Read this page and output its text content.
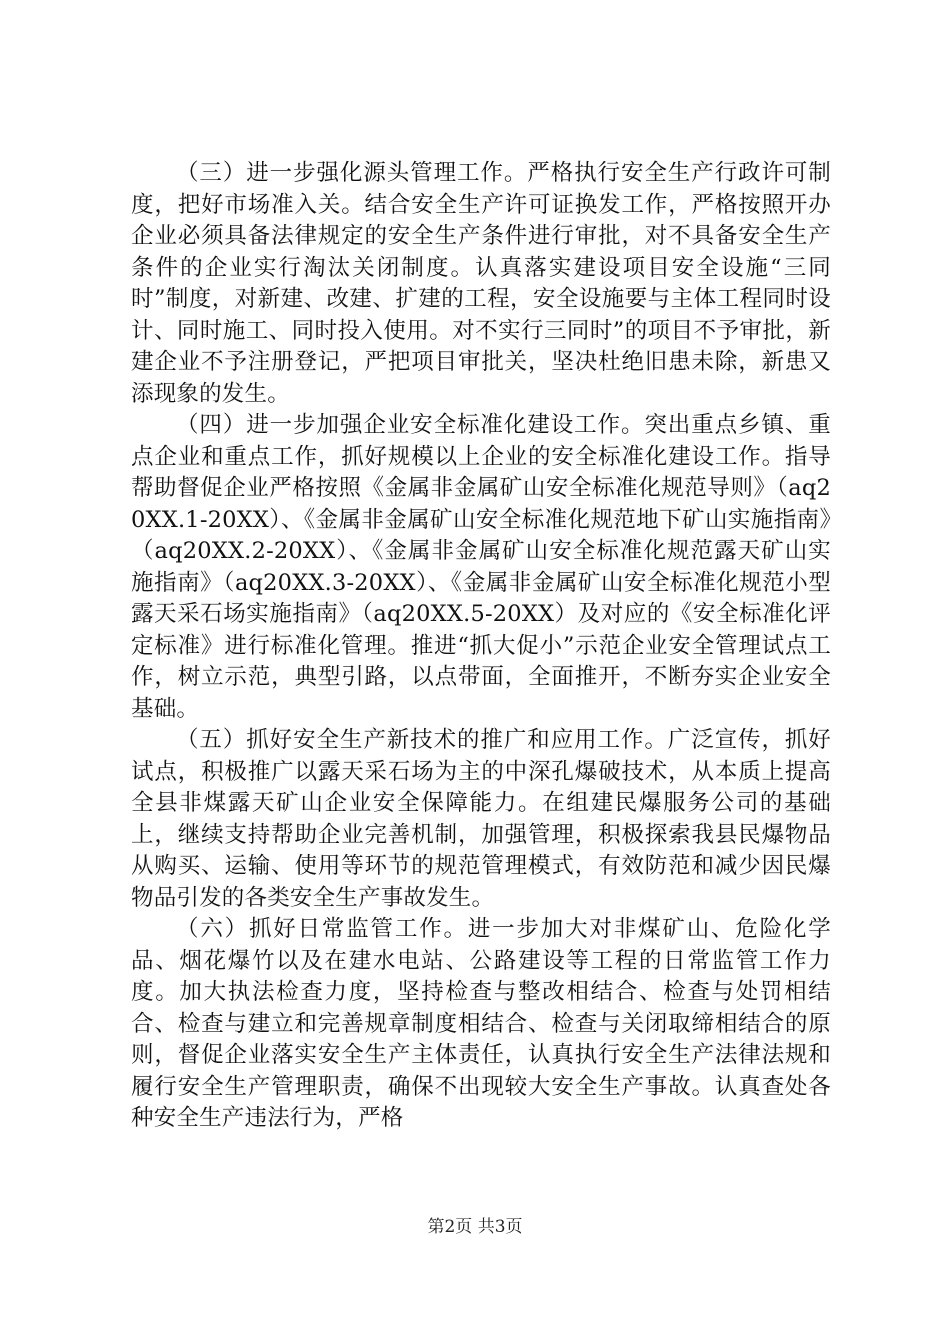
（三）进一步强化源头管理工作。严格执行安全生产行政许可制度，把好市场准入关。结合安全生产许可证换发工作，严格按照开办企业必须具备法律规定的安全生产条件进行审批，对不具备安全生产条件的企业实行淘汰关闭制度。认真落实建设项目安全设施“三同时”制度，对新建、改建、扩建的工程，安全设施要与主体工程同时设计、同时施工、同时投入使用。对不实行三同时”的项目不予审批，新建企业不予注册登记，严把项目审批关，坚决杜绝旧患未除，新患又添现象的发生。

（四）进一步加强企业安全标准化建设工作。突出重点乡镇、重点企业和重点工作，抓好规模以上企业的安全标准化建设工作。指导帮助督促企业严格按照《金属非金属矿山安全标准化规范导则》（aq20XX.1-20XX）、《金属非金属矿山安全标准化规范地下矿山实施指南》（aq20XX.2-20XX）、《金属非金属矿山安全标准化规范露天矿山实施指南》（aq20XX.3-20XX）、《金属非金属矿山安全标准化规范小型露天采石场实施指南》（aq20XX.5-20XX）及对应的《安全标准化评定标准》进行标准化管理。推进“抓大促小”示范企业安全管理试点工作，树立示范，典型引路，以点带面，全面推开，不断夯实企业安全基础。

（五）抓好安全生产新技术的推广和应用工作。广泛宣传，抓好试点，积极推广以露天采石场为主的中深孔爆破技术，从本质上提高全县非煤露天矿山企业安全保障能力。在组建民爆服务公司的基础上，继续支持帮助企业完善机制，加强管理，积极探索我县民爆物品从购买、运输、使用等环节的规范管理模式，有效防范和减少因民爆物品引发的各类安全生产事故发生。

（六）抓好日常监管工作。进一步加大对非煤矿山、危险化学品、烟花爆竹以及在建水电站、公路建设等工程的日常监管工作力度。加大执法检查力度，坚持检查与整改相结合、检查与处罚相结合、检查与建立和完善规章制度相结合、检查与关闭取缔相结合的原则，督促企业落实安全生产主体责任，认真执行安全生产法律法规和履行安全生产管理职责，确保不出现较大安全生产事故。认真查处各种安全生产违法行为，严格

第2页 共3页
